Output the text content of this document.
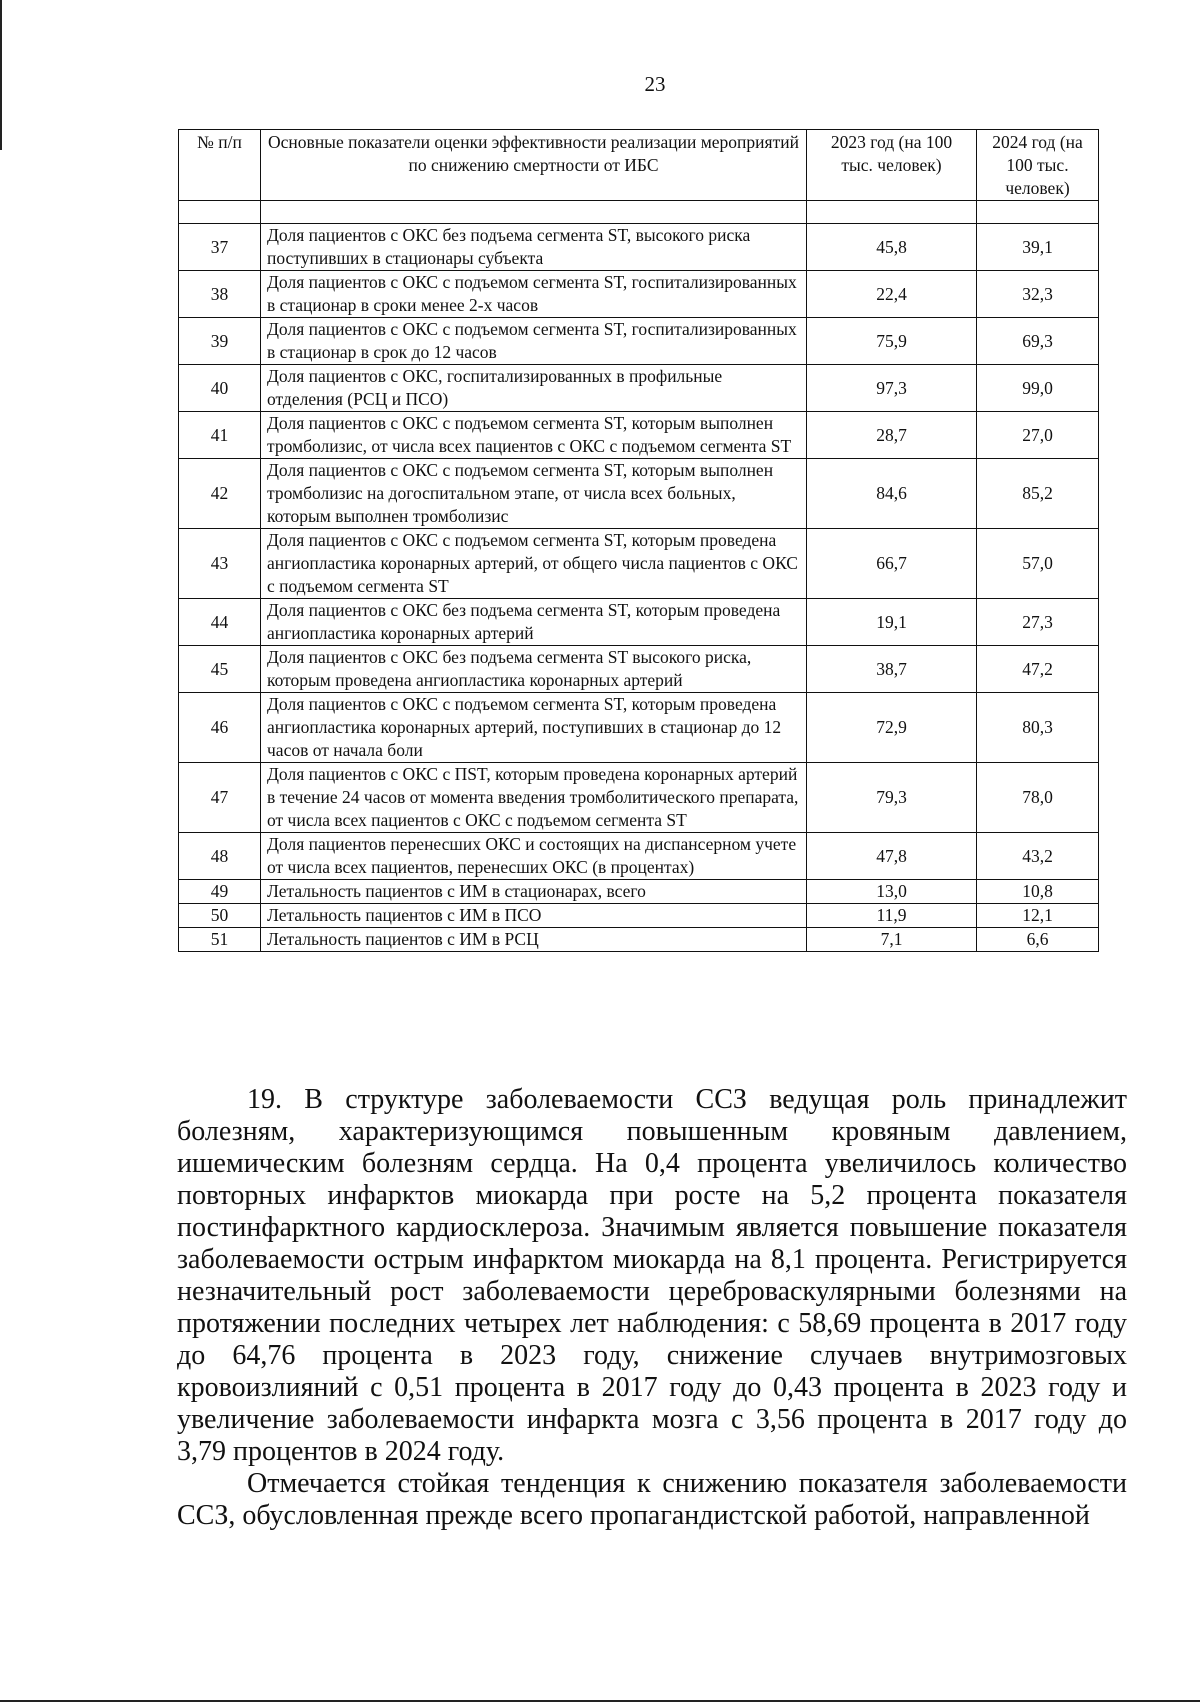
23
№ п/п	Основные показатели оценки эффективности реализации мероприятий по снижению смертности от ИБС	2023 год (на 100 тыс. человек)	2024 год (на 100 тыс. человек)

37	Доля пациентов с ОКС без подъема сегмента ST, высокого риска поступивших в стационары субъекта	45,8	39,1
38	Доля пациентов с ОКС с подъемом сегмента ST, госпитализированных в стационар в сроки менее 2-х часов	22,4	32,3
39	Доля пациентов с ОКС с подъемом сегмента ST, госпитализированных в стационар в срок до 12 часов	75,9	69,3
40	Доля пациентов с ОКС, госпитализированных в профильные отделения (РСЦ и ПСО)	97,3	99,0
41	Доля пациентов с ОКС с подъемом сегмента ST, которым выполнен тромболизис, от числа всех пациентов с ОКС с подъемом сегмента ST	28,7	27,0
42	Доля пациентов с ОКС с подъемом сегмента ST, которым выполнен тромболизис на догоспитальном этапе, от числа всех больных, которым выполнен тромболизис	84,6	85,2
43	Доля пациентов с ОКС с подъемом сегмента ST, которым проведена ангиопластика коронарных артерий, от общего числа пациентов с ОКС с подъемом сегмента ST	66,7	57,0
44	Доля пациентов с ОКС без подъема сегмента ST, которым проведена ангиопластика коронарных артерий	19,1	27,3
45	Доля пациентов с ОКС без подъема сегмента ST высокого риска, которым проведена ангиопластика коронарных артерий	38,7	47,2
46	Доля пациентов с ОКС с подъемом сегмента ST, которым проведена ангиопластика коронарных артерий, поступивших в стационар до 12 часов от начала боли	72,9	80,3
47	Доля пациентов с ОКС с ПST, которым проведена коронарных артерий в течение 24 часов от момента введения тромболитического препарата, от числа всех пациентов с ОКС с подъемом сегмента ST	79,3	78,0
48	Доля пациентов перенесших ОКС и состоящих на диспансерном учете от числа всех пациентов, перенесших ОКС (в процентах)	47,8	43,2
49	Летальность пациентов с ИМ в стационарах, всего	13,0	10,8
50	Летальность пациентов с ИМ в ПСО	11,9	12,1
51	Летальность пациентов с ИМ в РСЦ	7,1	6,6

19. В структуре заболеваемости ССЗ ведущая роль принадлежит болезням, характеризующимся повышенным кровяным давлением, ишемическим болезням сердца. На 0,4 процента увеличилось количество повторных инфарктов миокарда при росте на 5,2 процента показателя постинфарктного кардиосклероза. Значимым является повышение показателя заболеваемости острым инфарктом миокарда на 8,1 процента. Регистрируется незначительный рост заболеваемости цереброваскулярными болезнями на протяжении последних четырех лет наблюдения: с 58,69 процента в 2017 году до 64,76 процента в 2023 году, снижение случаев внутримозговых кровоизлияний с 0,51 процента в 2017 году до 0,43 процента в 2023 году и увеличение заболеваемости инфаркта мозга с 3,56 процента в 2017 году до 3,79 процентов в 2024 году.

Отмечается стойкая тенденция к снижению показателя заболеваемости ССЗ, обусловленная прежде всего пропагандистской работой, направленной
